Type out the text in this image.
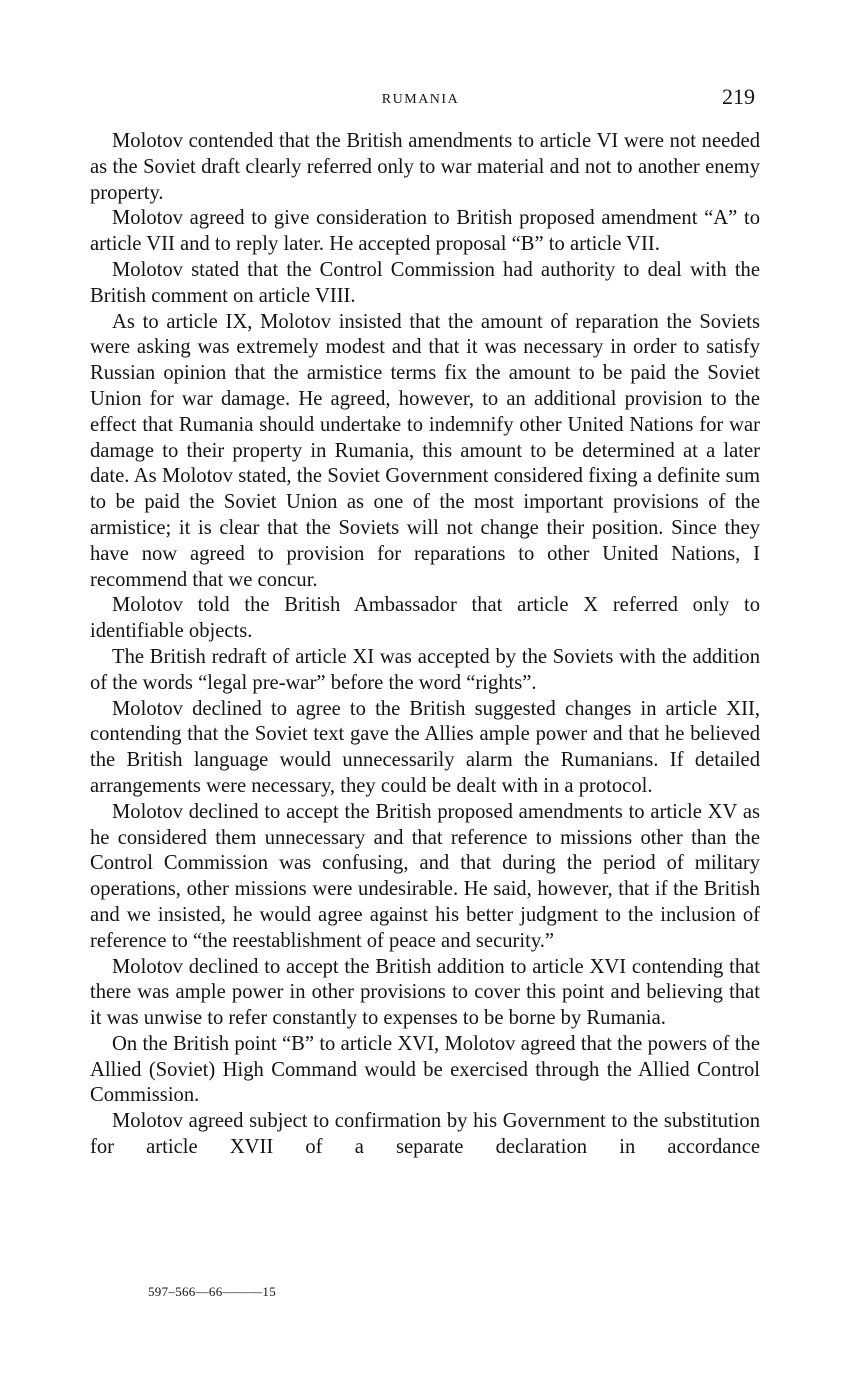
RUMANIA	219

Molotov contended that the British amendments to article VI were not needed as the Soviet draft clearly referred only to war material and not to another enemy property.

Molotov agreed to give consideration to British proposed amendment “A” to article VII and to reply later. He accepted proposal “B” to article VII.

Molotov stated that the Control Commission had authority to deal with the British comment on article VIII.

As to article IX, Molotov insisted that the amount of reparation the Soviets were asking was extremely modest and that it was necessary in order to satisfy Russian opinion that the armistice terms fix the amount to be paid the Soviet Union for war damage. He agreed, however, to an additional provision to the effect that Rumania should undertake to indemnify other United Nations for war damage to their property in Rumania, this amount to be determined at a later date. As Molotov stated, the Soviet Government considered fixing a definite sum to be paid the Soviet Union as one of the most important provisions of the armistice; it is clear that the Soviets will not change their position. Since they have now agreed to provision for reparations to other United Nations, I recommend that we concur.

Molotov told the British Ambassador that article X referred only to identifiable objects.

The British redraft of article XI was accepted by the Soviets with the addition of the words “legal pre-war” before the word “rights”.

Molotov declined to agree to the British suggested changes in article XII, contending that the Soviet text gave the Allies ample power and that he believed the British language would unnecessarily alarm the Rumanians. If detailed arrangements were necessary, they could be dealt with in a protocol.

Molotov declined to accept the British proposed amendments to article XV as he considered them unnecessary and that reference to missions other than the Control Commission was confusing, and that during the period of military operations, other missions were undesirable. He said, however, that if the British and we insisted, he would agree against his better judgment to the inclusion of reference to “the reestablishment of peace and security.”

Molotov declined to accept the British addition to article XVI contending that there was ample power in other provisions to cover this point and believing that it was unwise to refer constantly to expenses to be borne by Rumania.

On the British point “B” to article XVI, Molotov agreed that the powers of the Allied (Soviet) High Command would be exercised through the Allied Control Commission.

Molotov agreed subject to confirmation by his Government to the substitution for article XVII of a separate declaration in accordance

597–566—66———15
